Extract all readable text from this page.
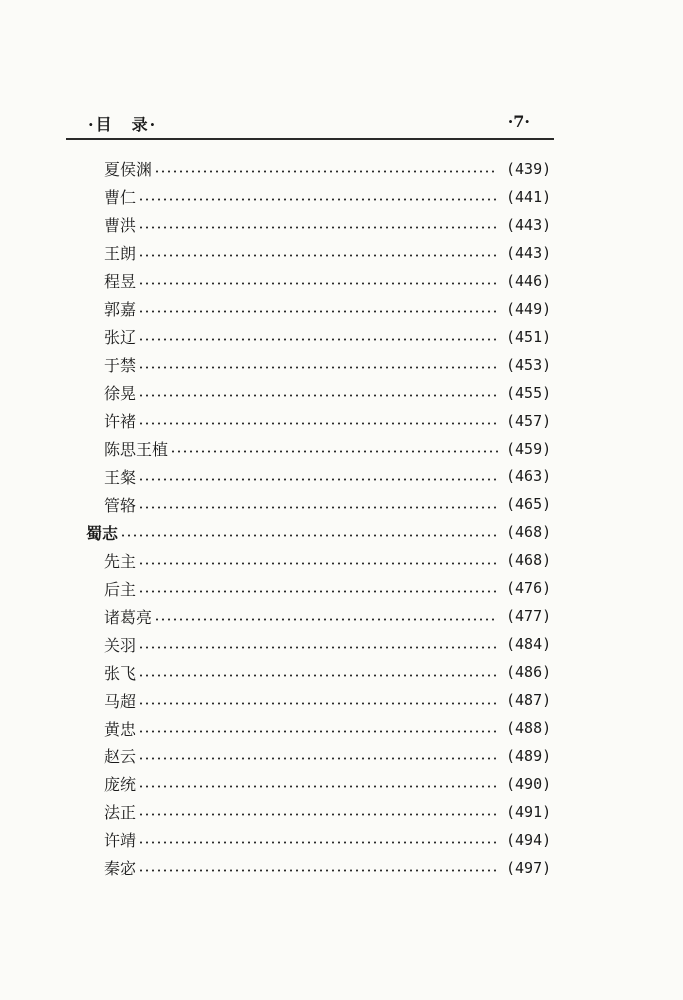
·目　录·	·7·
夏侯渊	(439)
曹仁	(441)
曹洪	(443)
王朗	(443)
程昱	(446)
郭嘉	(449)
张辽	(451)
于禁	(453)
徐晃	(455)
许褚	(457)
陈思王植	(459)
王粲	(463)
管辂	(465)
蜀志	(468)
先主	(468)
后主	(476)
诸葛亮	(477)
关羽	(484)
张飞	(486)
马超	(487)
黄忠	(488)
赵云	(489)
庞统	(490)
法正	(491)
许靖	(494)
秦宓	(497)
